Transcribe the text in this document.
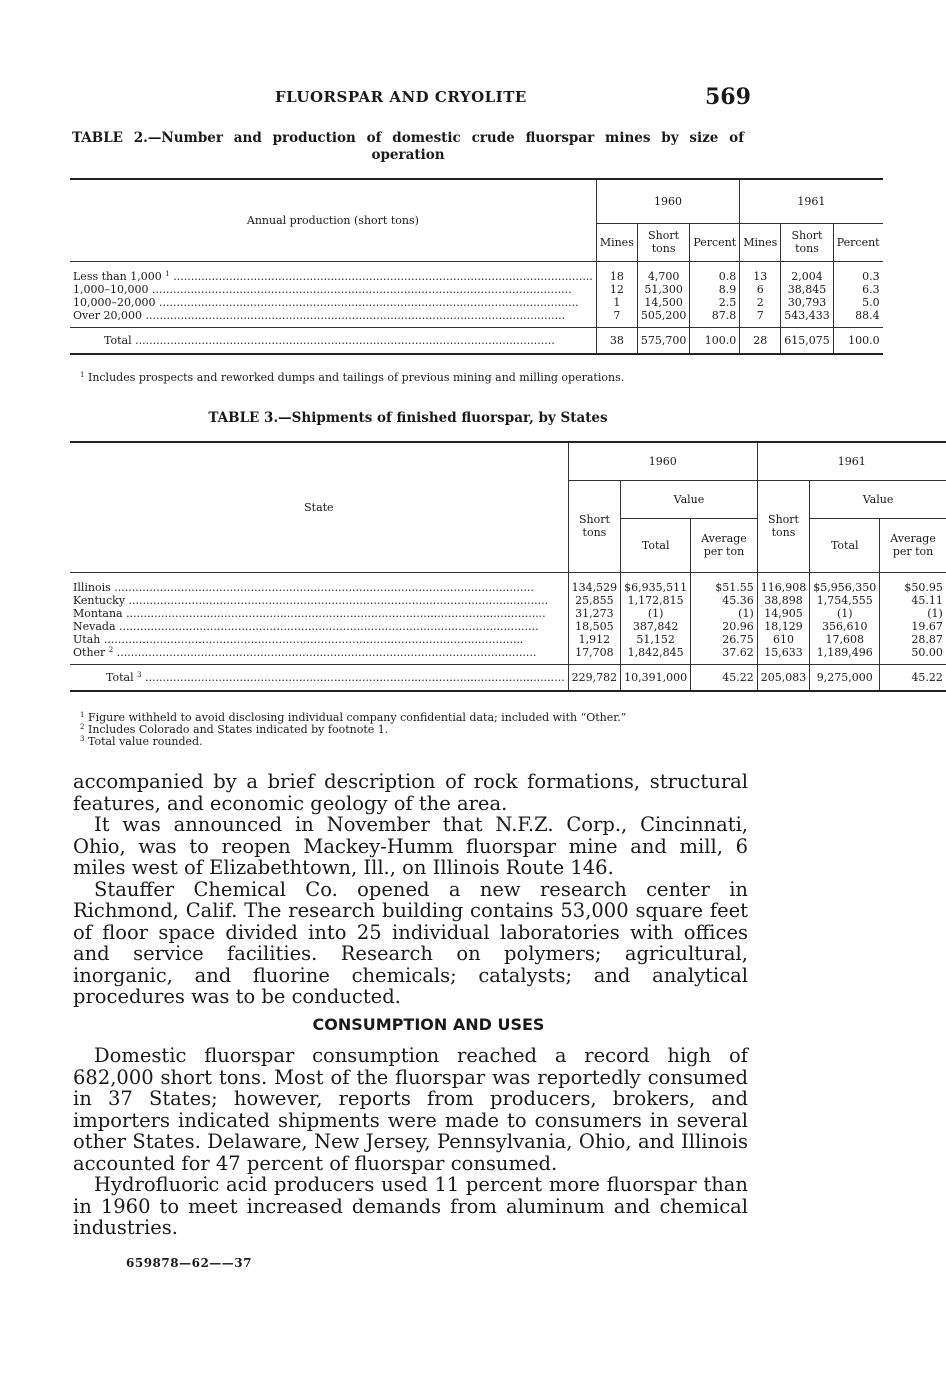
FLUORSPAR AND CRYOLITE	569
TABLE 2.—Number and production of domestic crude fluorspar mines by size of operation
Annual production (short tons)	1960			1961		
	Mines	Short tons	Percent	Mines	Short tons	Percent

Less than 1,000 $^1$ .....	18	4,700	0.8	13	2,004	0.3

1,000–10,000 .....	12	51,300	8.9	6	38,845	6.3

10,000–20,000 .....	1	14,500	2.5	2	30,793	5.0

Over 20,000 .....	7	505,200	87.8	7	543,433	88.4

Total .....	38	575,700	100.0	28	615,075	100.0
$^1$ Includes prospects and reworked dumps and tailings of previous mining and milling operations.
TABLE 3.—Shipments of finished fluorspar, by States
State	1960			1961		
	Short tons	Value		Short tons	Value	
		Total	Average per ton		Total	Average per ton

Illinois .....	134,529	$6,935,511	$51.55	116,908	$5,956,350	$50.95

Kentucky .....	25,855	1,172,815	45.36	38,898	1,754,555	45.11

Montana .....	31,273	(1)	(1)	14,905	(1)	(1)

Nevada .....	18,505	387,842	20.96	18,129	356,610	19.67

Utah .....	1,912	51,152	26.75	610	17,608	28.87

Other $^2$ .....	17,708	1,842,845	37.62	15,633	1,189,496	50.00

Total $^3$ .....	229,782	10,391,000	45.22	205,083	9,275,000	45.22
$^1$ Figure withheld to avoid disclosing individual company confidential data; included with “Other.”
$^2$ Includes Colorado and States indicated by footnote 1.
$^3$ Total value rounded.

accompanied by a brief description of rock formations, structural features, and economic geology of the area.

It was announced in November that N.F.Z. Corp., Cincinnati, Ohio, was to reopen Mackey-Humm fluorspar mine and mill, 6 miles west of Elizabethtown, Ill., on Illinois Route 146.

Stauffer Chemical Co. opened a new research center in Richmond, Calif. The research building contains 53,000 square feet of floor space divided into 25 individual laboratories with offices and service facilities. Research on polymers; agricultural, inorganic, and fluorine chemicals; catalysts; and analytical procedures was to be conducted.

CONSUMPTION AND USES

Domestic fluorspar consumption reached a record high of 682,000 short tons. Most of the fluorspar was reportedly consumed in 37 States; however, reports from producers, brokers, and importers indicated shipments were made to consumers in several other States. Delaware, New Jersey, Pennsylvania, Ohio, and Illinois accounted for 47 percent of fluorspar consumed.

Hydrofluoric acid producers used 11 percent more fluorspar than in 1960 to meet increased demands from aluminum and chemical industries.

659878—62——37
